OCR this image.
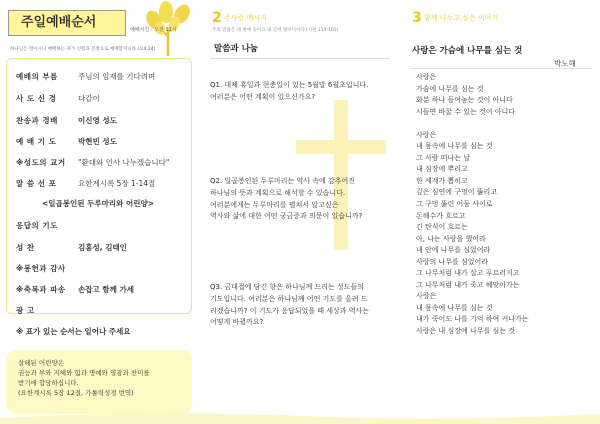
주일예배순서	예배시간 : 오전 11시
하나님은 영이시니 예배하는 자가 신령과 진정으로 예배할지니라 (요4:24)
예배의 부름	주님의 임재를 기다려며
사 도 신 경	다같이
찬송과 경배	이신영 성도
예 배 기 도	박현빈 성도
※성도의 교거 "환대와 인사 나누겠습니다"
말 씀 선 포	요한계시록 5장 1-14절
<일곱봉인된 두루마리와 어린양>
응답의 기도
성 찬	김홍성, 김태인
※봉헌과 감사
※축복과 파송 손잡고 함께 가세
광 고
※ 표가 있는 순서는 일어나 주세요
살해된 어린양은
권능과 부와 지혜와 힘과 명예와 영광과 찬미를
받기에 합당하십니다.
(요한계시록 5장 12절, 가톨릭성경 번역)
2 주사랑 메시지
주의 말씀은 내 발에 등이요 내 길에 빛이니이다 (시편 119:105)
말씀과 나눔
Q1. 대체 휴일과 현충일이 있는 5월말 6월초입니다.
여러분은 어떤 계획이 있으신가요?
Q2. 일곱봉인된 두루마리는 역사 속에 감추어진
하나님의 뜻과 계획으로 해석할 수 있습니다.
여러분에게는 두루마리를 펼쳐서 알고싶은
역사와 삶에 대한 어떤 궁금증과 의문이 있습니까?
Q3. 금대접에 담긴 향은 하나님께 드리는 성도들의
기도입니다. 여러분은 하나님께 어떤 기도를 올려 드
리겠습니까? 이 기도가 응답되었을 때 세상과 역사는
어떻게 바뀔까요?
3 함께 나누고 싶은 이야기
사랑은 가슴에 나무를 심는 것
박노해
사랑은
가슴에 나무를 심는 것
화분 하나 들여놓는 것이 아니다
시들면 바꿀 수 있는 것이 아니다
사랑은
내 몸속에 나무를 심는 것
그 사람 떠나는 날
내 심장에 뿌리고
한 세계가 뽑히고
깊은 심연에 구멍이 뚫리고
그 구멍 뚫린 어둠 사이로
돈해수가 흐르고
긴 탄식이 흐르는
아, 나는 사랑을 했어라
내 안에 나무를 심었어라
사랑의 나무를 심었어라
그 나무처럼 내가 살고 푸르러지고
그 나무처럼 내가 죽고 헤맞아가는
사랑은
내 몸속에 나무를 심는 것
내가 죽어도 나를 기억 하여 커나가는
사랑은 내 심장에 나무를 심는 것
